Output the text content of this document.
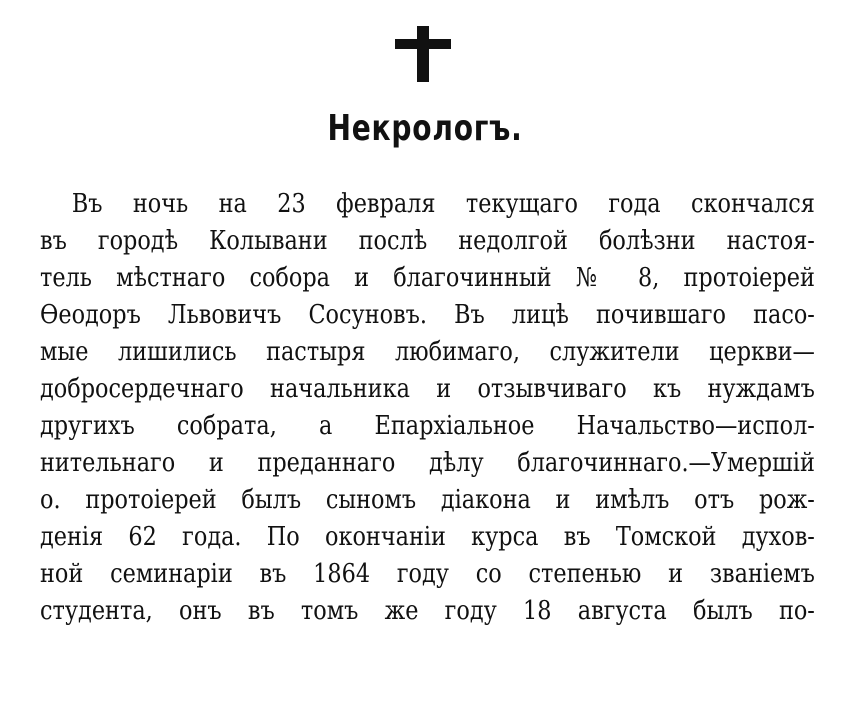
Некрологъ.
Въ ночь на 23 февраля текущаго года скончался
въ городѣ Колывани послѣ недолгой болѣзни настоя-
тель мѣстнаго собора и благочинный № 8, протоіерей
Ѳеодоръ Львовичъ Сосуновъ. Въ лицѣ почившаго пасо-
мые лишились пастыря любимаго, служители церкви—
добросердечнаго начальника и отзывчиваго къ нуждамъ
другихъ собрата, а Епархіальное Начальство—испол-
нительнаго и преданнаго дѣлу благочиннаго.—Умершій
о. протоіерей былъ сыномъ діакона и имѣлъ отъ рож-
денія 62 года. По окончаніи курса въ Томской духов-
ной семинаріи въ 1864 году со степенью и званіемъ
студента, онъ въ томъ же году 18 августа былъ по-
